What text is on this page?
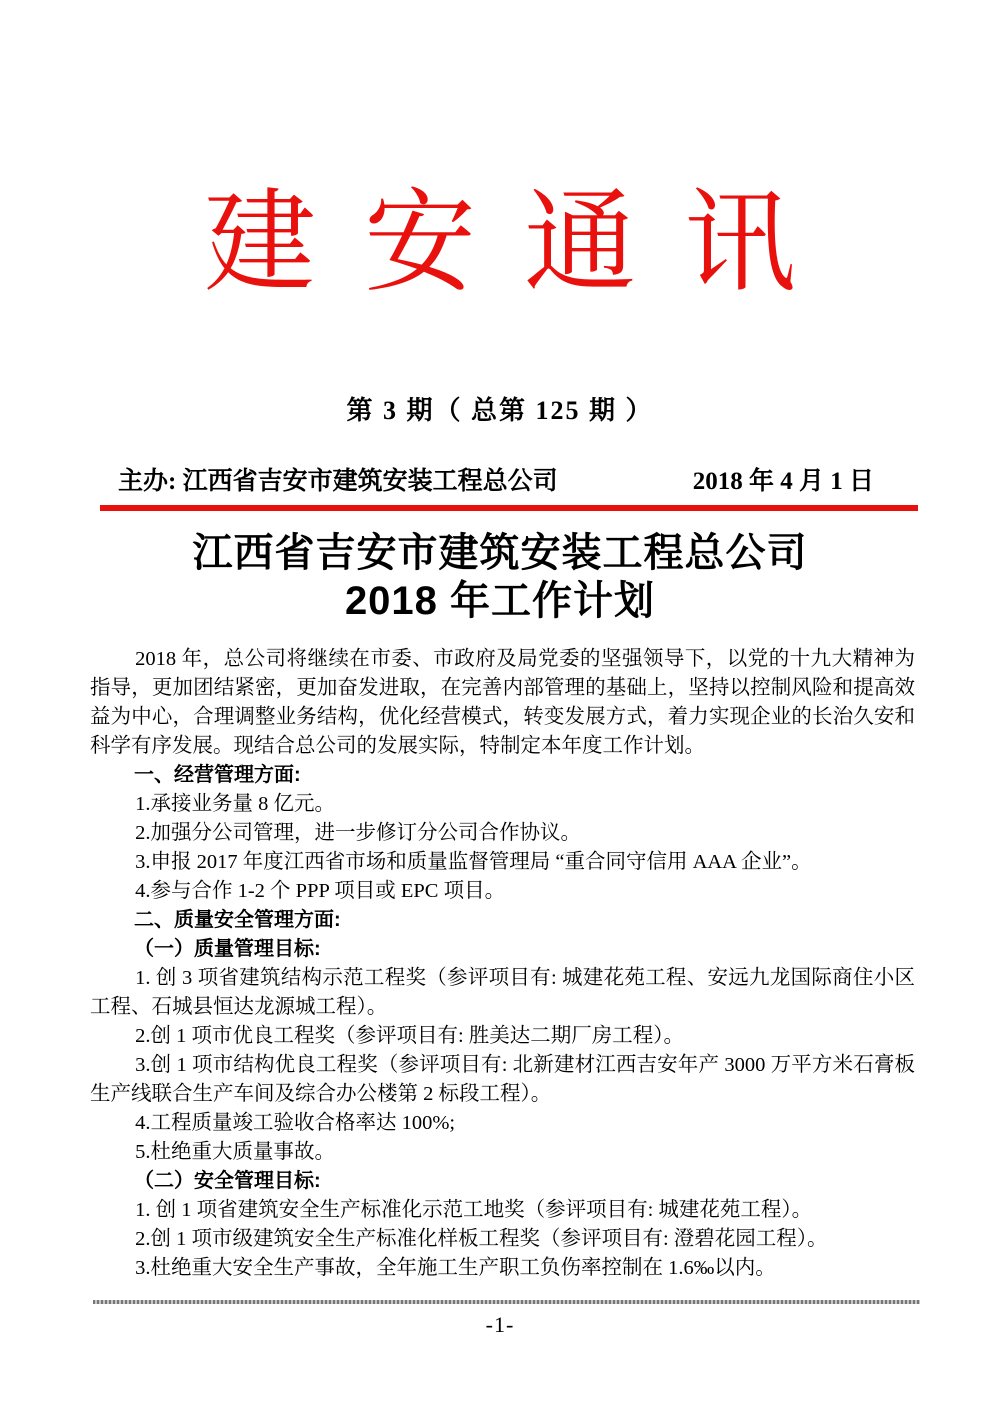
建安通讯
第 3 期（ 总第 125 期 ）
主办: 江西省吉安市建筑安装工程总公司	2018 年 4 月 1 日
江西省吉安市建筑安装工程总公司
2018 年工作计划

2018 年，总公司将继续在市委、市政府及局党委的坚强领导下，以党的十九大精神为指导，更加团结紧密，更加奋发进取，在完善内部管理的基础上，坚持以控制风险和提高效益为中心，合理调整业务结构，优化经营模式，转变发展方式，着力实现企业的长治久安和科学有序发展。现结合总公司的发展实际，特制定本年度工作计划。

一、经营管理方面:

1.承接业务量 8 亿元。

2.加强分公司管理，进一步修订分公司合作协议。

3.申报 2017 年度江西省市场和质量监督管理局 “重合同守信用 AAA 企业”。

4.参与合作 1-2 个 PPP 项目或 EPC 项目。

二、质量安全管理方面:

（一）质量管理目标:

1. 创 3 项省建筑结构示范工程奖（参评项目有: 城建花苑工程、安远九龙国际商住小区工程、石城县恒达龙源城工程）。

2.创 1 项市优良工程奖（参评项目有: 胜美达二期厂房工程）。

3.创 1 项市结构优良工程奖（参评项目有: 北新建材江西吉安年产 3000 万平方米石膏板生产线联合生产车间及综合办公楼第 2 标段工程）。

4.工程质量竣工验收合格率达 100%;

5.杜绝重大质量事故。

（二）安全管理目标:

1. 创 1 项省建筑安全生产标准化示范工地奖（参评项目有: 城建花苑工程）。

2.创 1 项市级建筑安全生产标准化样板工程奖（参评项目有: 澄碧花园工程）。

3.杜绝重大安全生产事故，全年施工生产职工负伤率控制在 1.6‰以内。

-1-
